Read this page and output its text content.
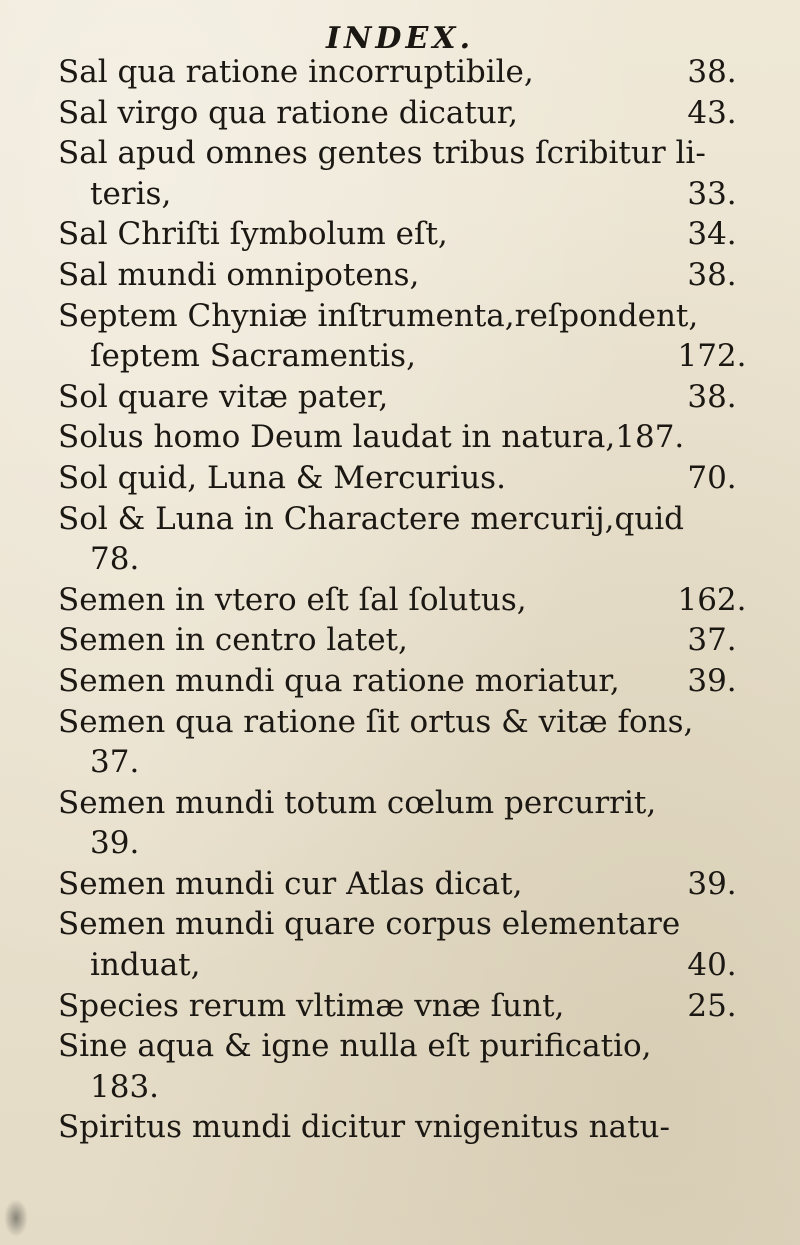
INDEX.
Sal qua ratione incorruptibile,	38.
Sal virgo qua ratione dicatur,	43.
Sal apud omnes gentes tribus ſcribitur li-
teris,	33.
Sal Chriſti ſymbolum eſt,	34.
Sal mundi omnipotens,	38.
Septem Chyniæ inſtrumenta,reſpondent,
ſeptem Sacramentis,	172.
Sol quare vitæ pater,	38.
Solus homo Deum laudat in natura,187.
Sol quid, Luna & Mercurius.	70.
Sol & Luna in Charactere mercurij,quid
78.
Semen in vtero eſt ſal ſolutus,	162.
Semen in centro latet,	37.
Semen mundi qua ratione moriatur,	39.
Semen qua ratione ſit ortus & vitæ fons,
37.
Semen mundi totum cœlum percurrit,
39.
Semen mundi cur Atlas dicat,	39.
Semen mundi quare corpus elementare
induat,	40.
Species rerum vltimæ vnæ ſunt,	25.
Sine aqua & igne nulla eſt purificatio,
183.
Spiritus mundi dicitur vnigenitus natu-
